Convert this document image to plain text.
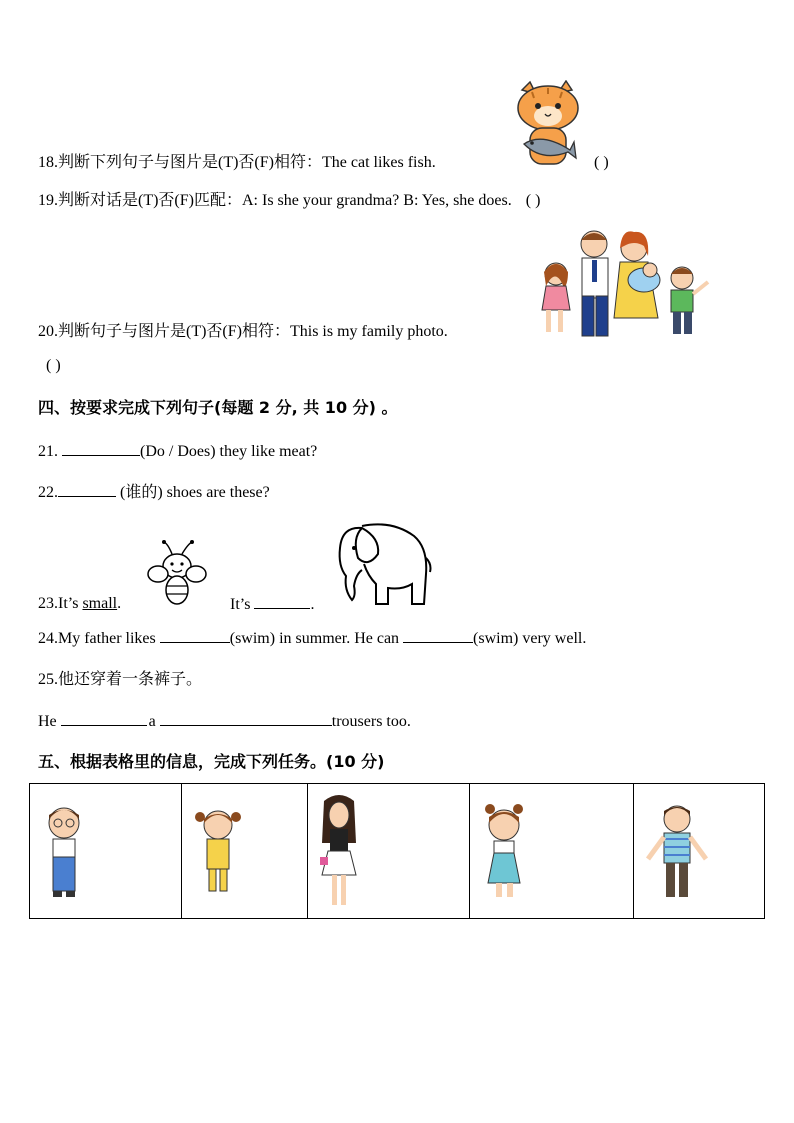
18.判断下列句子与图片是(T)否(F)相符：The cat likes fish.	( )
19.判断对话是(T)否(F)匹配：A: Is she your grandma? B: Yes, she does. ( )
20.判断句子与图片是(T)否(F)相符：This is my family photo.
( )
四、按要求完成下列句子(每题 2 分, 共 10 分) 。
21.	(Do / Does) they like meat?
22.	(谁的) shoes are these?
23.It’s small.	It’s	.
24.My father likes	(swim) in summer. He can	(swim) very well.
25.他还穿着一条裤子。
He	a	trousers too.
五、根据表格里的信息，完成下列任务。(10 分)
